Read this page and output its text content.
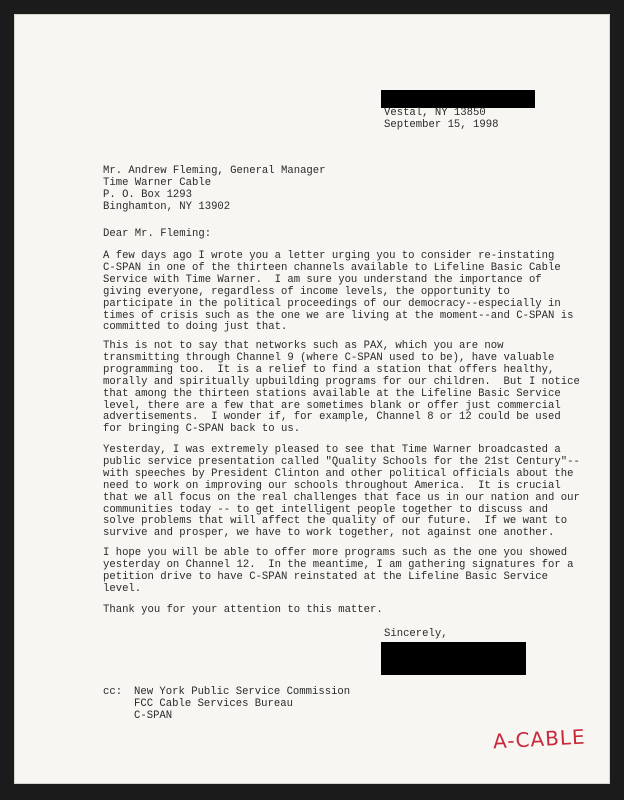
Vestal, NY 13850
September 15, 1998
Mr. Andrew Fleming, General Manager
Time Warner Cable
P. O. Box 1293
Binghamton, NY 13902
Dear Mr. Fleming:
A few days ago I wrote you a letter urging you to consider re-instating
C-SPAN in one of the thirteen channels available to Lifeline Basic Cable
Service with Time Warner.  I am sure you understand the importance of
giving everyone, regardless of income levels, the opportunity to
participate in the political proceedings of our democracy--especially in
times of crisis such as the one we are living at the moment--and C-SPAN is
committed to doing just that.
This is not to say that networks such as PAX, which you are now
transmitting through Channel 9 (where C-SPAN used to be), have valuable
programming too.  It is a relief to find a station that offers healthy,
morally and spiritually upbuilding programs for our children.  But I notice
that among the thirteen stations available at the Lifeline Basic Service
level, there are a few that are sometimes blank or offer just commercial
advertisements.  I wonder if, for example, Channel 8 or 12 could be used
for bringing C-SPAN back to us.
Yesterday, I was extremely pleased to see that Time Warner broadcasted a
public service presentation called "Quality Schools for the 21st Century"--
with speeches by President Clinton and other political officials about the
need to work on improving our schools throughout America.  It is crucial
that we all focus on the real challenges that face us in our nation and our
communities today -- to get intelligent people together to discuss and
solve problems that will affect the quality of our future.  If we want to
survive and prosper, we have to work together, not against one another.
I hope you will be able to offer more programs such as the one you showed
yesterday on Channel 12.  In the meantime, I am gathering signatures for a
petition drive to have C-SPAN reinstated at the Lifeline Basic Service
level.
Thank you for your attention to this matter.
Sincerely,
cc: New York Public Service Commission
FCC Cable Services Bureau
C-SPAN
A-CABLE
